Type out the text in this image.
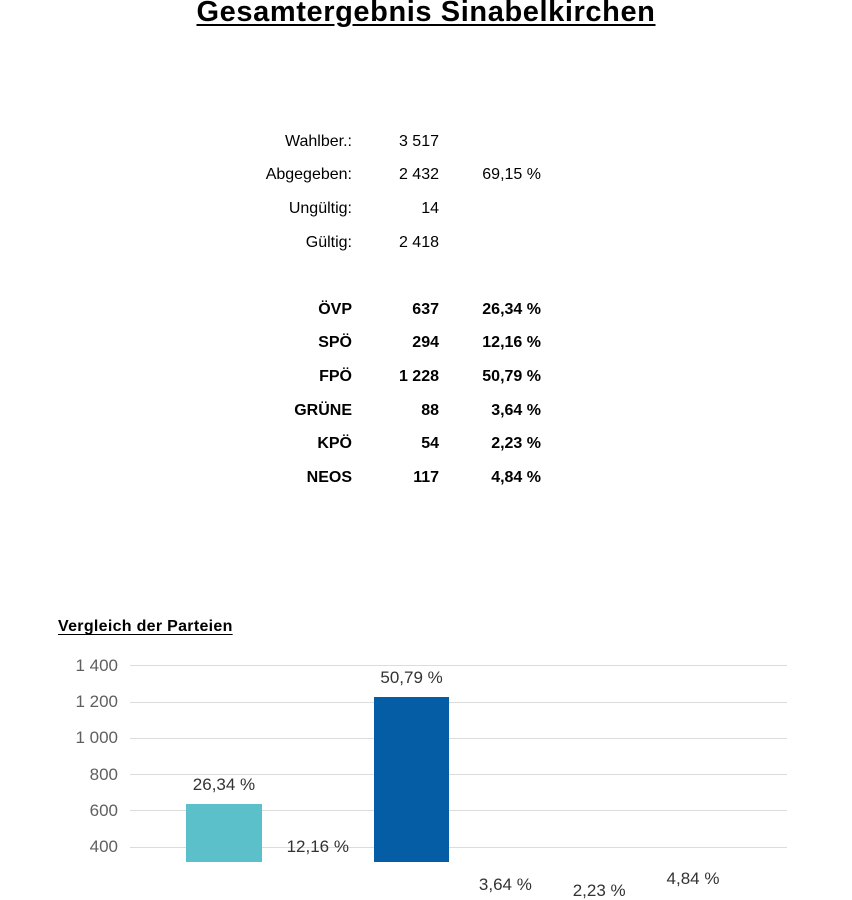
Gesamtergebnis Sinabelkirchen
Wahlber.:	3 517
Abgegeben:	2 432	69,15 %
Ungültig:	14
Gültig:	2 418
ÖVP	637	26,34 %
SPÖ	294	12,16 %
FPÖ	1 228	50,79 %
GRÜNE	88	3,64 %
KPÖ	54	2,23 %
NEOS	117	4,84 %
Vergleich der Parteien
1 400
1 200
1 000
800
600
400
26,34 %
12,16 %
50,79 %
3,64 %	2,23 %
4,84 %
